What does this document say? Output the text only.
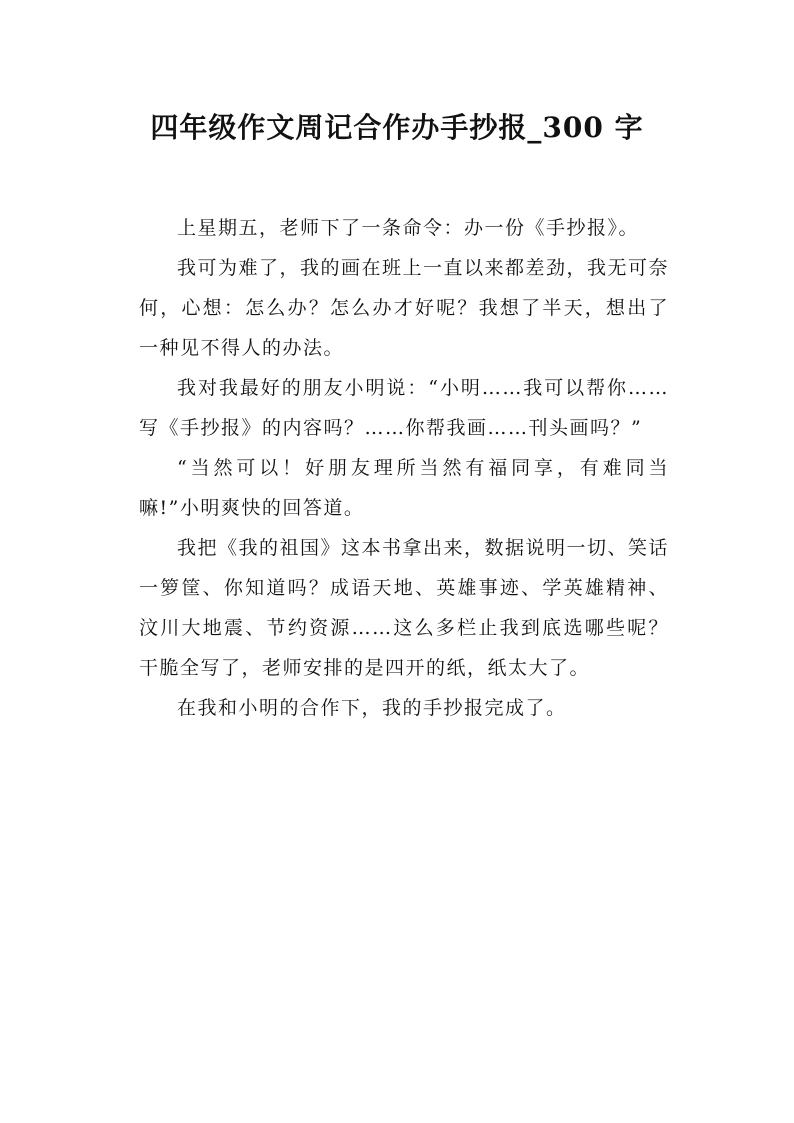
四年级作文周记合作办手抄报_300 字

上星期五，老师下了一条命令：办一份《手抄报》。

我可为难了，我的画在班上一直以来都差劲，我无可奈何，心想：怎么办？怎么办才好呢？我想了半天，想出了一种见不得人的办法。

我对我最好的朋友小明说：“小明……我可以帮你……写《手抄报》的内容吗？……你帮我画……刊头画吗？”

“当然可以！好朋友理所当然有福同享，有难同当嘛!”小明爽快的回答道。

我把《我的祖国》这本书拿出来，数据说明一切、笑话一箩筐、你知道吗？成语天地、英雄事迹、学英雄精神、汶川大地震、节约资源……这么多栏止我到底选哪些呢？干脆全写了，老师安排的是四开的纸，纸太大了。

在我和小明的合作下，我的手抄报完成了。
